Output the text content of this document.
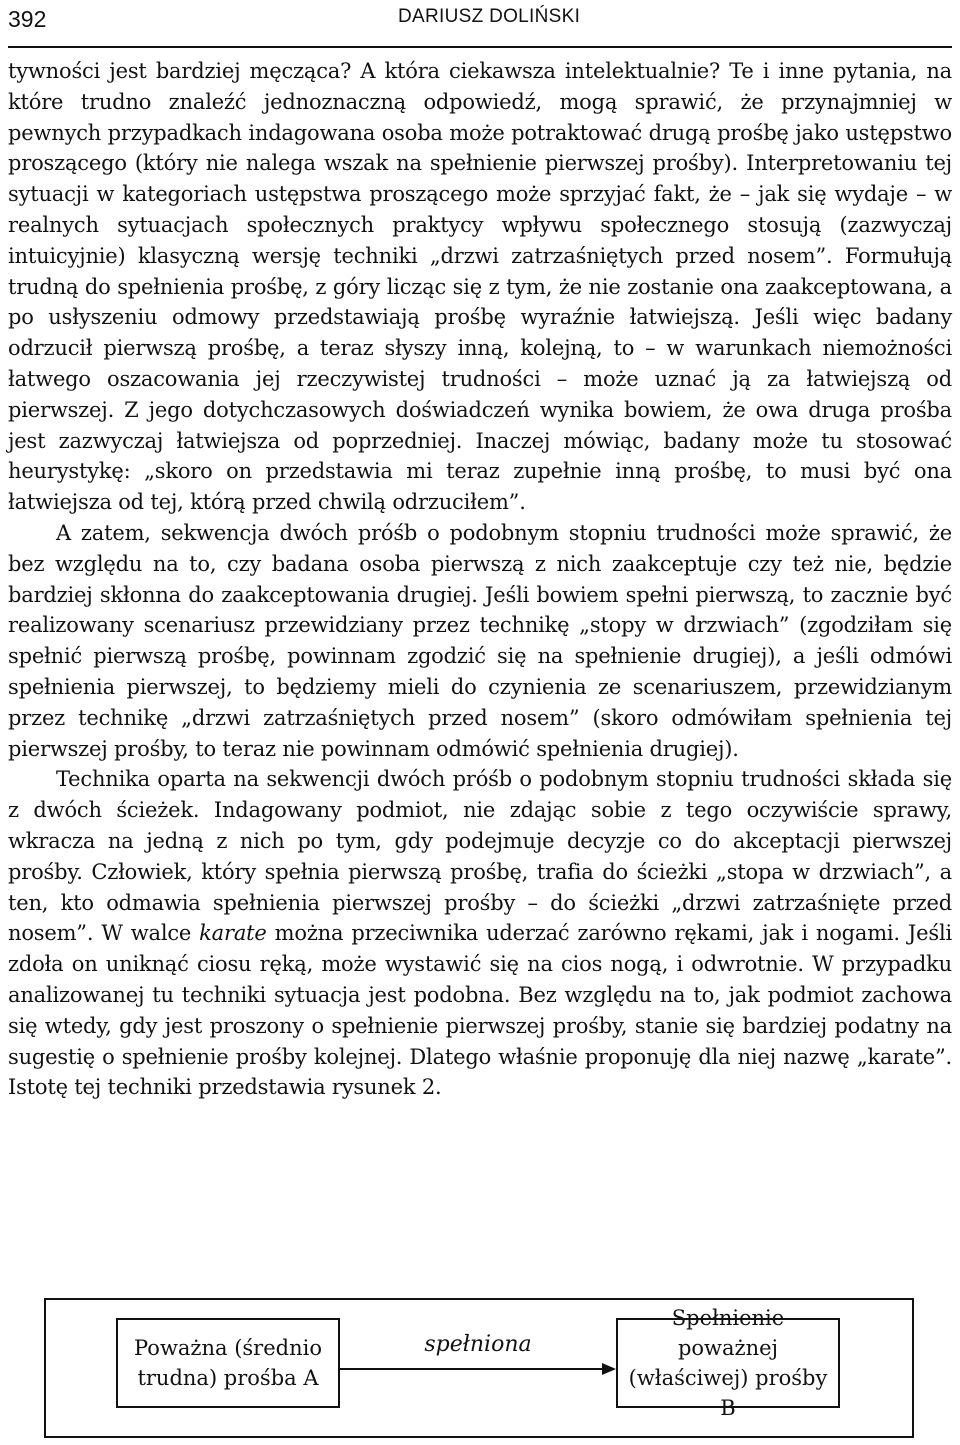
392	DARIUSZ DOLIŃSKI

tywności jest bardziej męcząca? A która ciekawsza intelektualnie? Te i inne pytania, na które trudno znaleźć jednoznaczną odpowiedź, mogą sprawić, że przynajmniej w pewnych przypadkach indagowana osoba może potraktować drugą prośbę jako ustępstwo proszącego (który nie nalega wszak na spełnienie pierwszej prośby). Interpretowaniu tej sytuacji w kategoriach ustępstwa proszącego może sprzyjać fakt, że – jak się wydaje – w realnych sytuacjach społecznych praktycy wpływu społecznego stosują (zazwyczaj intuicyjnie) klasyczną wersję techniki „drzwi zatrzaśniętych przed nosem”. Formułują trudną do spełnienia prośbę, z góry licząc się z tym, że nie zostanie ona zaakceptowana, a po usłyszeniu odmowy przedstawiają prośbę wyraźnie łatwiejszą. Jeśli więc badany odrzucił pierwszą prośbę, a teraz słyszy inną, kolejną, to – w warunkach niemożności łatwego oszacowania jej rzeczywistej trudności – może uznać ją za łatwiejszą od pierwszej. Z jego dotychczasowych doświadczeń wynika bowiem, że owa druga prośba jest zazwyczaj łatwiejsza od poprzedniej. Inaczej mówiąc, badany może tu stosować heurystykę: „skoro on przedstawia mi teraz zupełnie inną prośbę, to musi być ona łatwiejsza od tej, którą przed chwilą odrzuciłem”.

A zatem, sekwencja dwóch próśb o podobnym stopniu trudności może sprawić, że bez względu na to, czy badana osoba pierwszą z nich zaakceptuje czy też nie, będzie bardziej skłonna do zaakceptowania drugiej. Jeśli bowiem spełni pierwszą, to zacznie być realizowany scenariusz przewidziany przez technikę „stopy w drzwiach” (zgodziłam się spełnić pierwszą prośbę, powinnam zgodzić się na spełnienie drugiej), a jeśli odmówi spełnienia pierwszej, to będziemy mieli do czynienia ze scenariuszem, przewidzianym przez technikę „drzwi zatrzaśniętych przed nosem” (skoro odmówiłam spełnienia tej pierwszej prośby, to teraz nie powinnam odmówić spełnienia drugiej).

Technika oparta na sekwencji dwóch próśb o podobnym stopniu trudności składa się z dwóch ścieżek. Indagowany podmiot, nie zdając sobie z tego oczywiście sprawy, wkracza na jedną z nich po tym, gdy podejmuje decyzje co do akceptacji pierwszej prośby. Człowiek, który spełnia pierwszą prośbę, trafia do ścieżki „stopa w drzwiach”, a ten, kto odmawia spełnienia pierwszej prośby – do ścieżki „drzwi zatrzaśnięte przed nosem”. W walce karate można przeciwnika uderzać zarówno rękami, jak i nogami. Jeśli zdoła on uniknąć ciosu ręką, może wystawić się na cios nogą, i odwrotnie. W przypadku analizowanej tu techniki sytuacja jest podobna. Bez względu na to, jak podmiot zachowa się wtedy, gdy jest proszony o spełnienie pierwszej prośby, stanie się bardziej podatny na sugestię o spełnienie prośby kolejnej. Dlatego właśnie proponuję dla niej nazwę „karate”. Istotę tej techniki przedstawia rysunek 2.

Poważna (średnio trudna) prośba A
spełniona
Spełnienie poważnej (właściwej) prośby B
